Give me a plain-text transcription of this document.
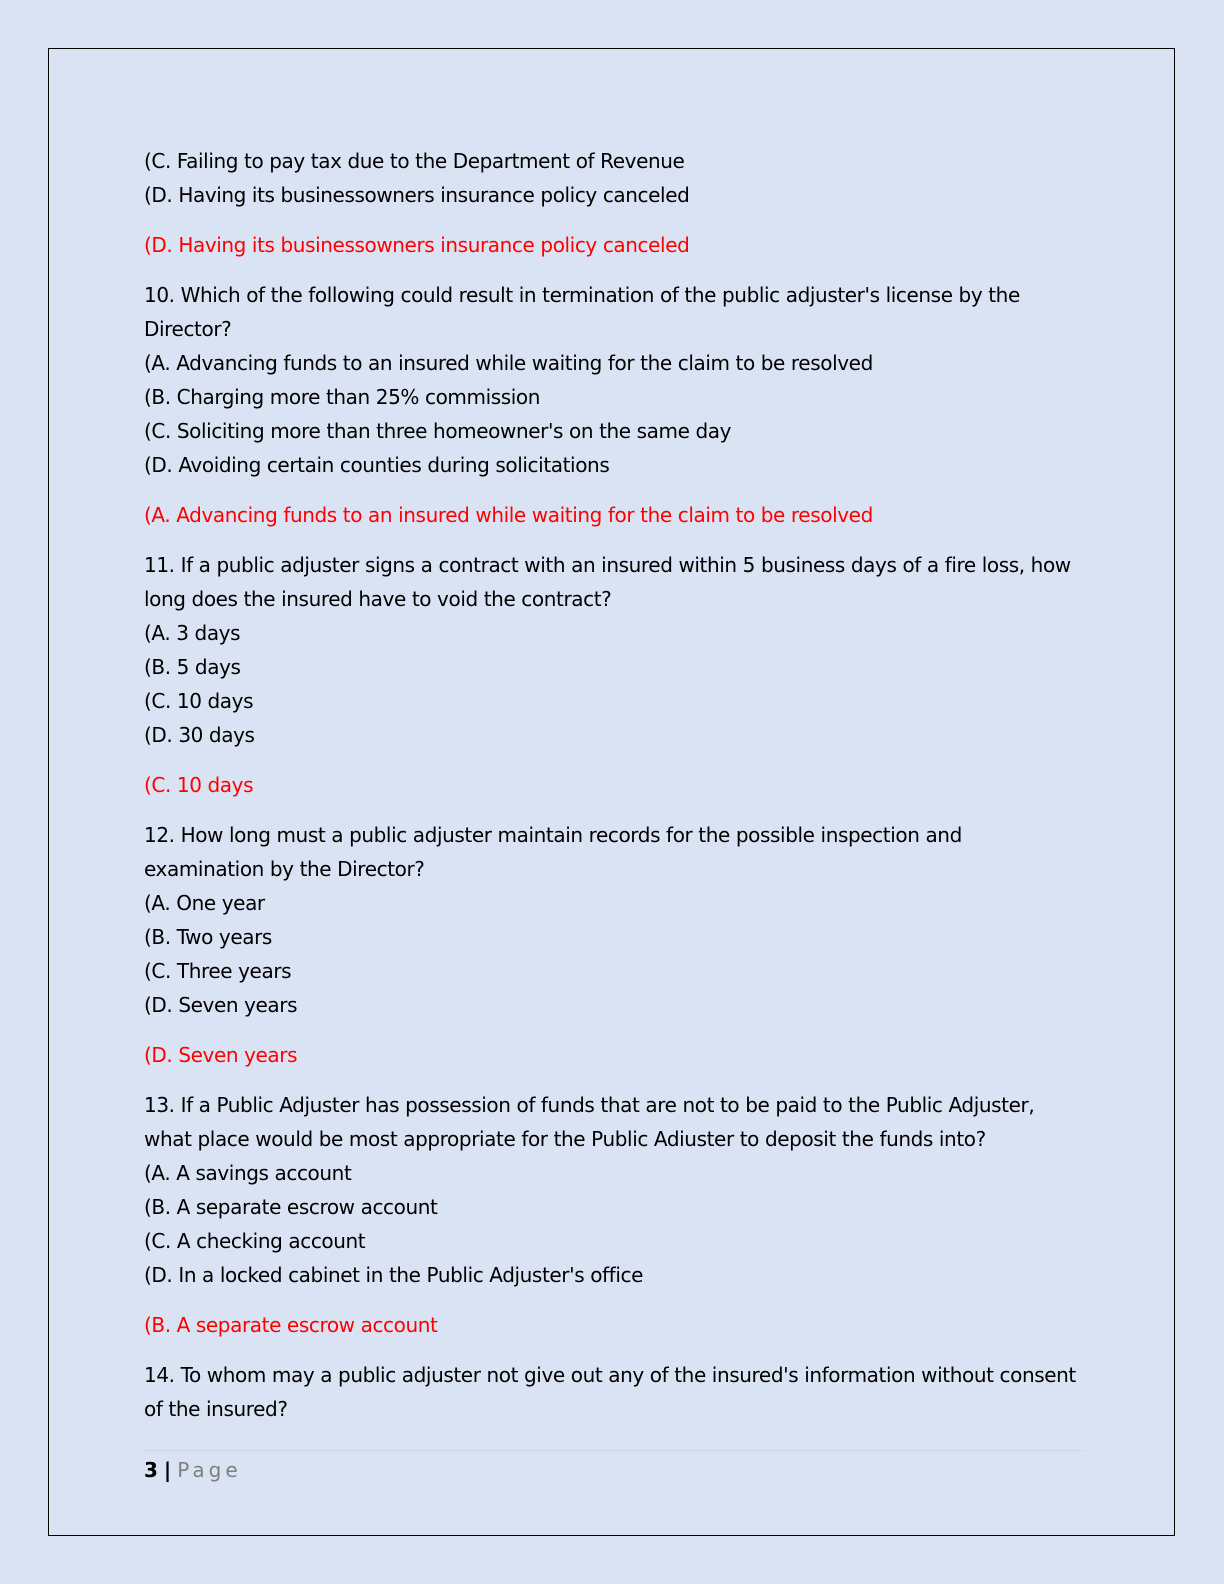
(C. Failing to pay tax due to the Department of Revenue
(D. Having its businessowners insurance policy canceled
(D. Having its businessowners insurance policy canceled
10. Which of the following could result in termination of the public adjuster's license by the Director?
(A. Advancing funds to an insured while waiting for the claim to be resolved
(B. Charging more than 25% commission
(C. Soliciting more than three homeowner's on the same day
(D. Avoiding certain counties during solicitations
(A. Advancing funds to an insured while waiting for the claim to be resolved
11. If a public adjuster signs a contract with an insured within 5 business days of a fire loss, how long does the insured have to void the contract?
(A. 3 days
(B. 5 days
(C. 10 days
(D. 30 days
(C. 10 days
12. How long must a public adjuster maintain records for the possible inspection and examination by the Director?
(A. One year
(B. Two years
(C. Three years
(D. Seven years
(D. Seven years
13. If a Public Adjuster has possession of funds that are not to be paid to the Public Adjuster, what place would be most appropriate for the Public Adiuster to deposit the funds into?
(A. A savings account
(B. A separate escrow account
(C. A checking account
(D. In a locked cabinet in the Public Adjuster's office
(B. A separate escrow account
14. To whom may a public adjuster not give out any of the insured's information without consent of the insured?
3 | Page
